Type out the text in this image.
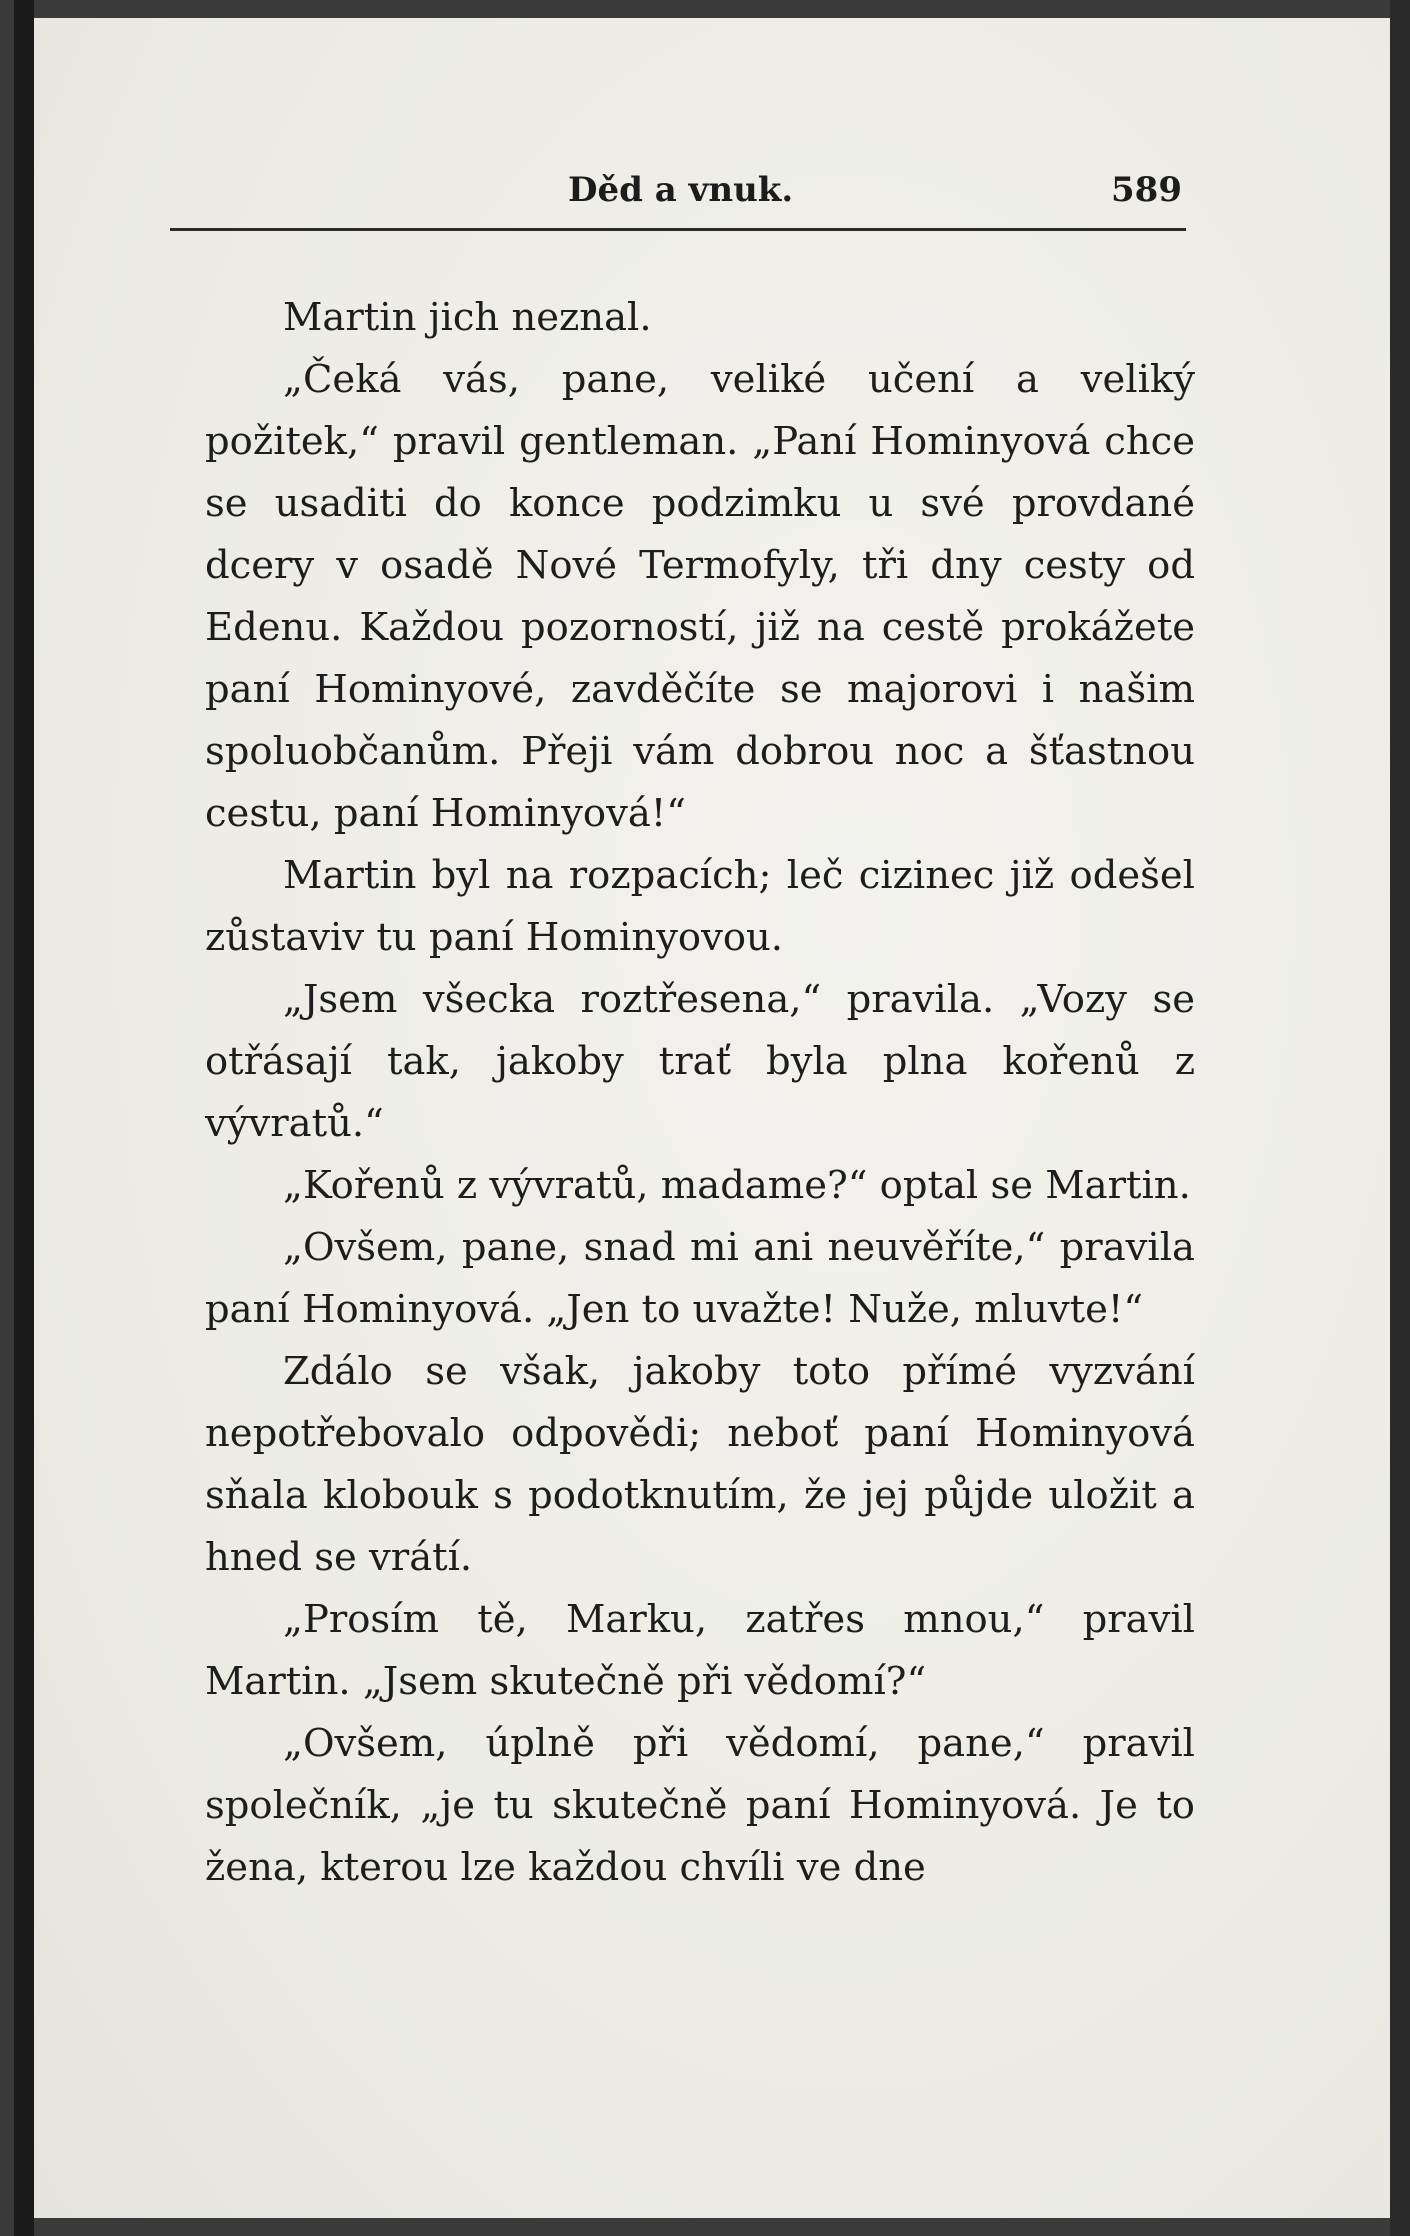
Děd a vnuk.	589

Martin jich neznal.

„Čeká vás, pane, veliké učení a veliký požitek,“ pravil gentleman. „Paní Hominyová chce se usaditi do konce podzimku u své provdané dcery v osadě Nové Termofyly, tři dny cesty od Edenu. Každou pozorností, již na cestě prokážete paní Hominyové, zavděčíte se majorovi i našim spoluobčanům. Přeji vám dobrou noc a šťastnou cestu, paní Hominyová!“

Martin byl na rozpacích; leč cizinec již odešel zůstaviv tu paní Hominyovou.

„Jsem všecka roztřesena,“ pravila. „Vozy se otřásají tak, jakoby trať byla plna kořenů z vývratů.“

„Kořenů z vývratů, madame?“ optal se Martin.

„Ovšem, pane, snad mi ani neuvěříte,“ pravila paní Hominyová. „Jen to uvažte! Nuže, mluvte!“

Zdálo se však, jakoby toto přímé vyzvání nepotřebovalo odpovědi; neboť paní Hominyová sňala klobouk s podotknutím, že jej půjde uložit a hned se vrátí.

„Prosím tě, Marku, zatřes mnou,“ pravil Martin. „Jsem skutečně při vědomí?“

„Ovšem, úplně při vědomí, pane,“ pravil společník, „je tu skutečně paní Hominyová. Je to žena, kterou lze každou chvíli ve dne
